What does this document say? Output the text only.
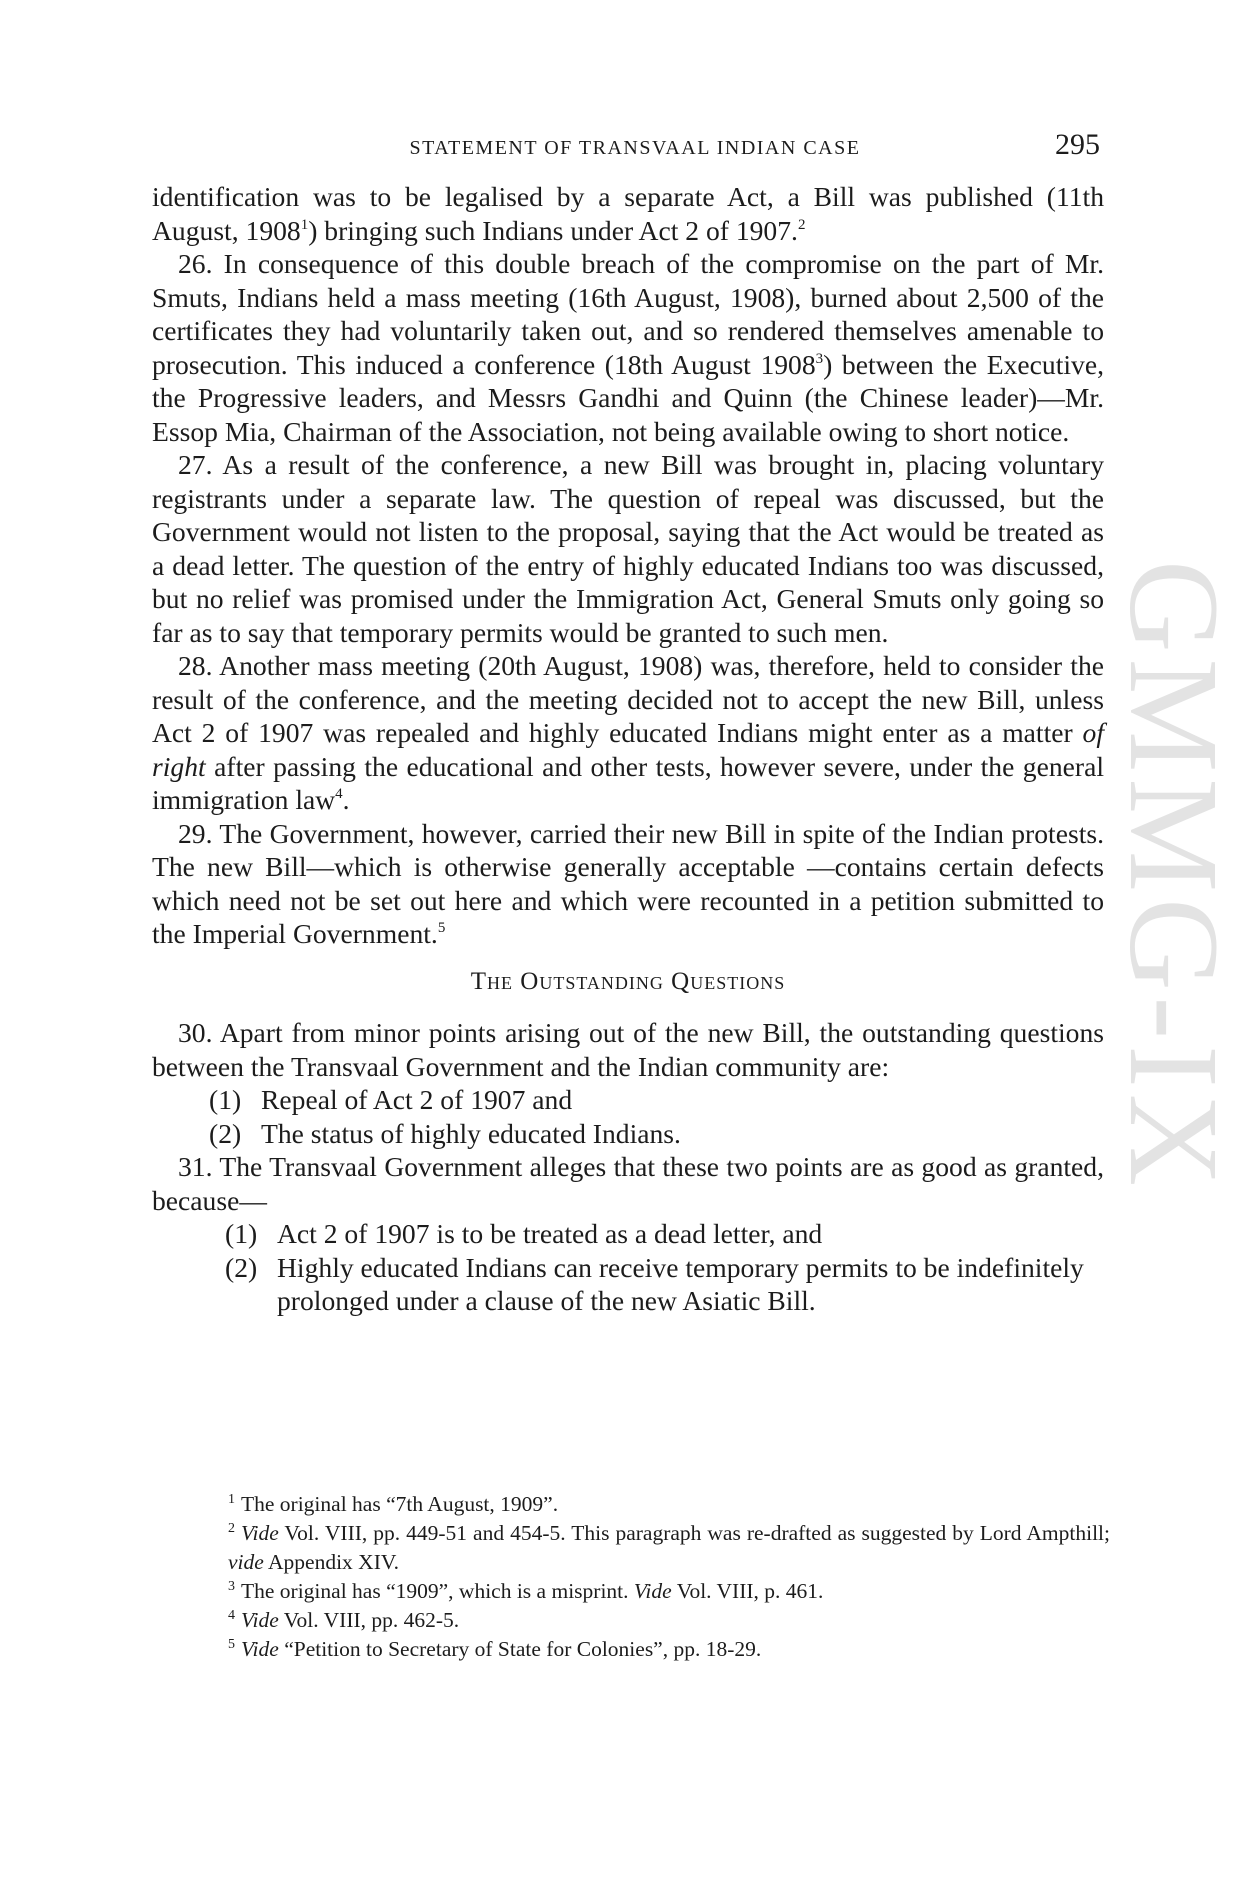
GMMG-IX
STATEMENT OF TRANSVAAL INDIAN CASE	295

identification was to be legalised by a separate Act, a Bill was published (11th August, 1908$^1$) bringing such Indians under Act 2 of 1907.$^2$

26. In consequence of this double breach of the compromise on the part of Mr. Smuts, Indians held a mass meeting (16th August, 1908), burned about 2,500 of the certificates they had voluntarily taken out, and so rendered themselves amenable to prosecution. This induced a conference (18th August 1908$^3$) between the Executive, the Progressive leaders, and Messrs Gandhi and Quinn (the Chinese leader)—Mr. Essop Mia, Chairman of the Association, not being available owing to short notice.

27. As a result of the conference, a new Bill was brought in, placing voluntary registrants under a separate law. The question of repeal was discussed, but the Government would not listen to the proposal, saying that the Act would be treated as a dead letter. The question of the entry of highly educated Indians too was discussed, but no relief was promised under the Immigration Act, General Smuts only going so far as to say that temporary permits would be granted to such men.

28. Another mass meeting (20th August, 1908) was, therefore, held to consider the result of the conference, and the meeting decided not to accept the new Bill, unless Act 2 of 1907 was repealed and highly educated Indians might enter as a matter of right after passing the educational and other tests, however severe, under the general immigration law$^4$.

29. The Government, however, carried their new Bill in spite of the Indian protests. The new Bill—which is otherwise generally acceptable —contains certain defects which need not be set out here and which were recounted in a petition submitted to the Imperial Government.$^5$

The Outstanding Questions

30. Apart from minor points arising out of the new Bill, the outstanding questions between the Transvaal Government and the Indian community are:

(1) Repeal of Act 2 of 1907 and
(2) The status of highly educated Indians.

31. The Transvaal Government alleges that these two points are as good as granted, because—

(1) Act 2 of 1907 is to be treated as a dead letter, and
(2) Highly educated Indians can receive temporary permits to be indefinitely prolonged under a clause of the new Asiatic Bill.

$^1$ The original has “7th August, 1909”.

$^2$ Vide Vol. VIII, pp. 449-51 and 454-5. This paragraph was re-drafted as suggested by Lord Ampthill; vide Appendix XIV.

$^3$ The original has “1909”, which is a misprint. Vide Vol. VIII, p. 461.

$^4$ Vide Vol. VIII, pp. 462-5.

$^5$ Vide “Petition to Secretary of State for Colonies”, pp. 18-29.
